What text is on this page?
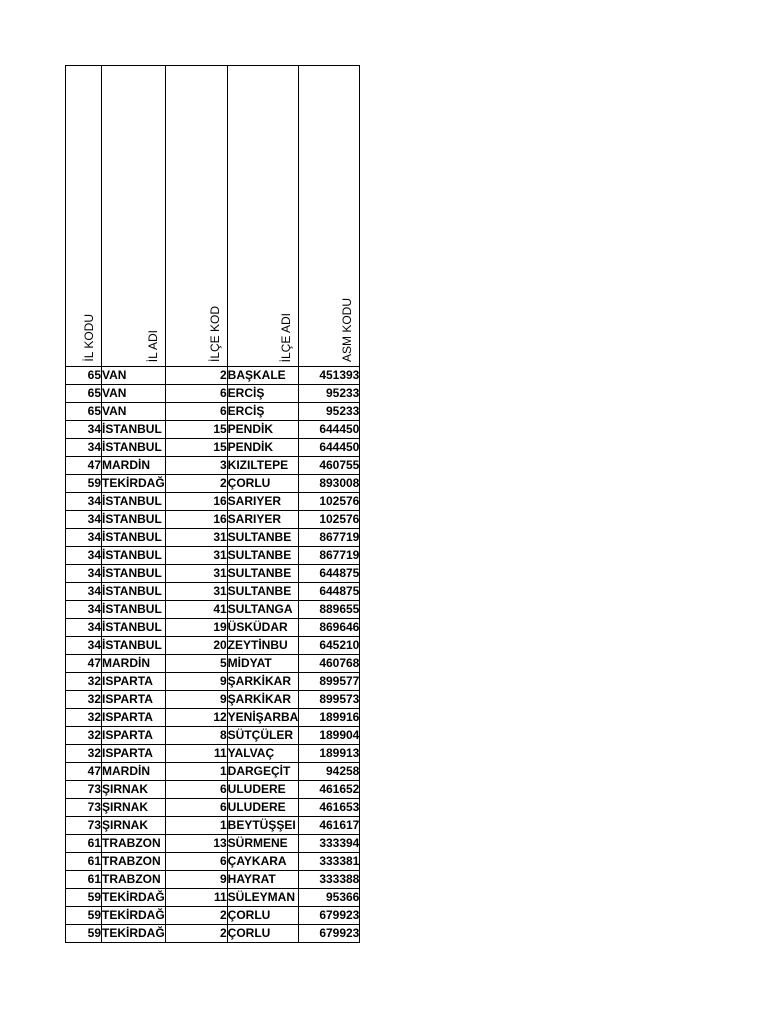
İL KODU	İL ADI	İLÇE KOD	İLÇE ADI	ASM KODU

65	VAN	2	BAŞKALE	451393
65	VAN	6	ERCİŞ	95233
65	VAN	6	ERCİŞ	95233
34	İSTANBUL	15	PENDİK	644450
34	İSTANBUL	15	PENDİK	644450
47	MARDİN	3	KIZILTEPE	460755
59	TEKİRDAĞ	2	ÇORLU	893008
34	İSTANBUL	16	SARIYER	102576
34	İSTANBUL	16	SARIYER	102576
34	İSTANBUL	31	SULTANBE	867719
34	İSTANBUL	31	SULTANBE	867719
34	İSTANBUL	31	SULTANBE	644875
34	İSTANBUL	31	SULTANBE	644875
34	İSTANBUL	41	SULTANGA	889655
34	İSTANBUL	19	ÜSKÜDAR	869646
34	İSTANBUL	20	ZEYTİNBU	645210
47	MARDİN	5	MİDYAT	460768
32	ISPARTA	9	ŞARKİKAR	899577
32	ISPARTA	9	ŞARKİKAR	899573
32	ISPARTA	12	YENİŞARBA	189916
32	ISPARTA	8	SÜTÇÜLER	189904
32	ISPARTA	11	YALVAÇ	189913
47	MARDİN	1	DARGEÇİT	94258
73	ŞIRNAK	6	ULUDERE	461652
73	ŞIRNAK	6	ULUDERE	461653
73	ŞIRNAK	1	BEYTÜŞŞEI	461617
61	TRABZON	13	SÜRMENE	333394
61	TRABZON	6	ÇAYKARA	333381
61	TRABZON	9	HAYRAT	333388
59	TEKİRDAĞ	11	SÜLEYMAN	95366
59	TEKİRDAĞ	2	ÇORLU	679923
59	TEKİRDAĞ	2	ÇORLU	679923
